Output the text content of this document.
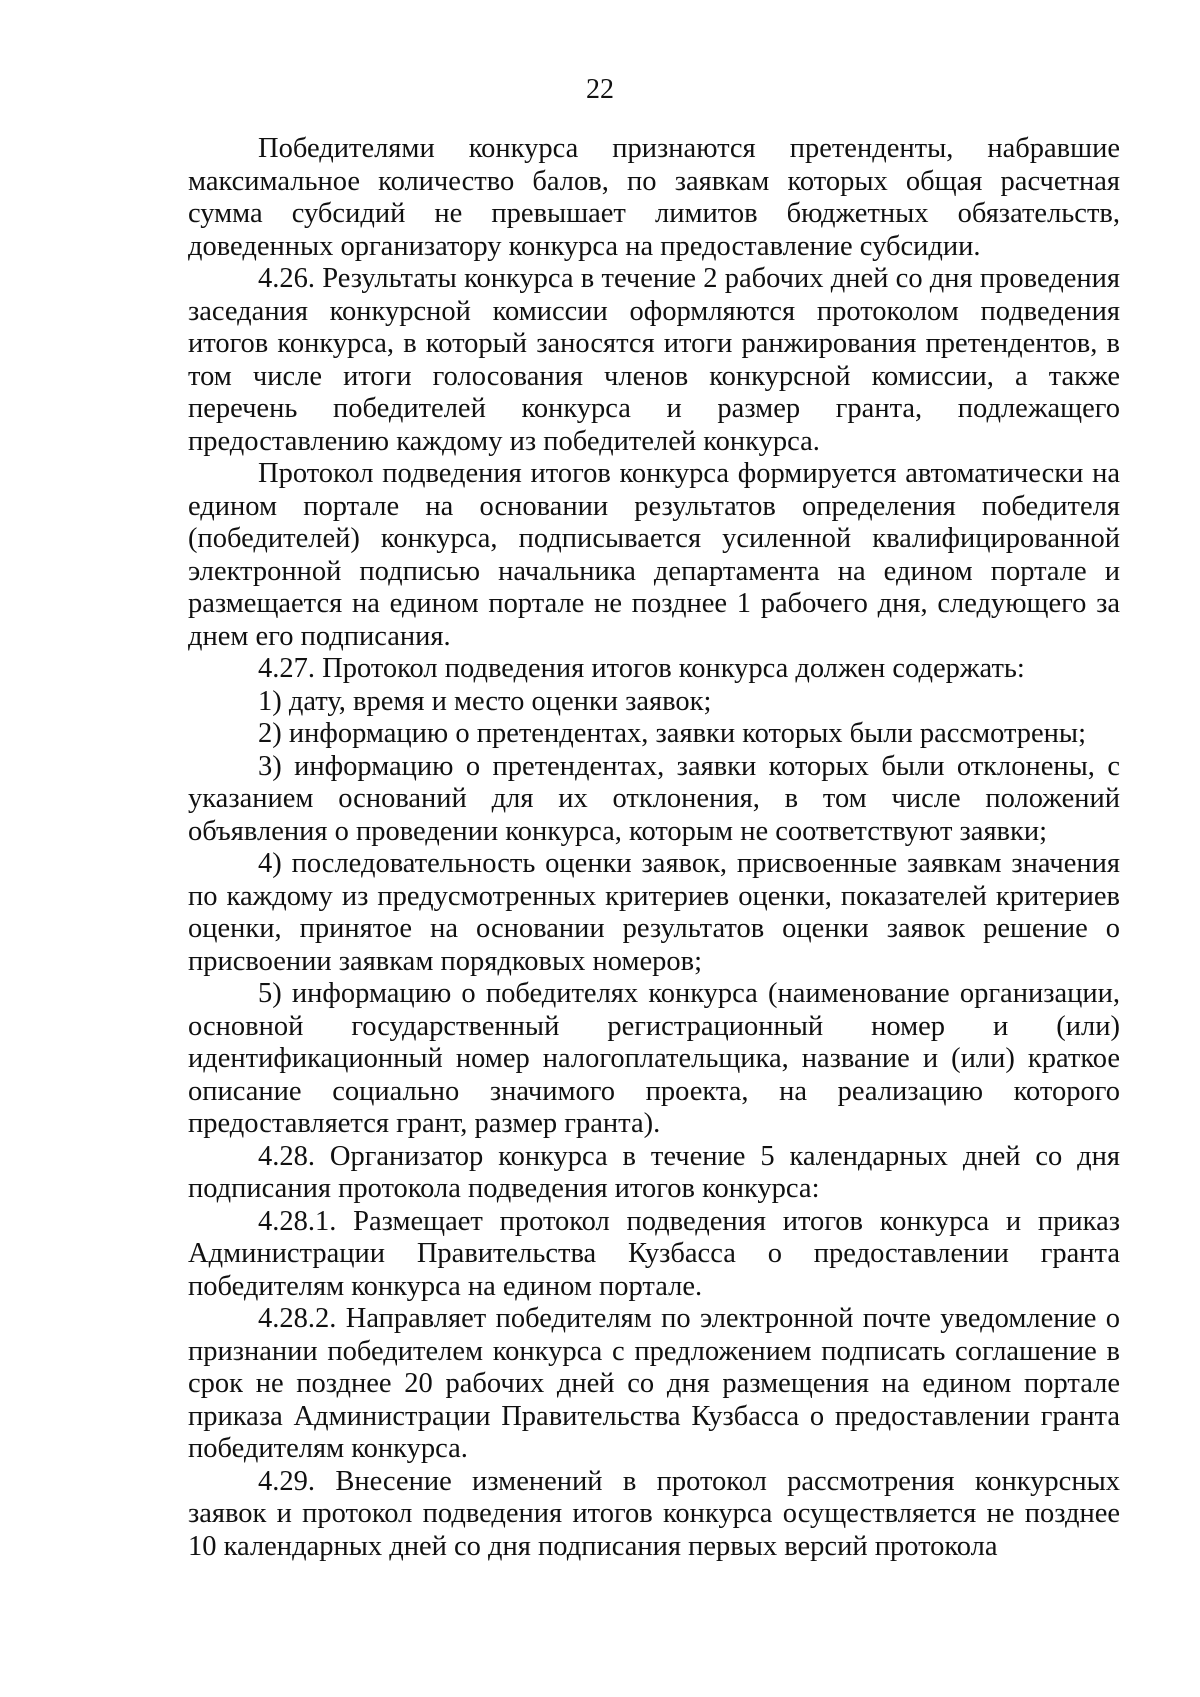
22

Победителями конкурса признаются претенденты, набравшие максимальное количество балов, по заявкам которых общая расчетная сумма субсидий не превышает лимитов бюджетных обязательств, доведенных организатору конкурса на предоставление субсидии.

4.26. Результаты конкурса в течение 2 рабочих дней со дня проведения заседания конкурсной комиссии оформляются протоколом подведения итогов конкурса, в который заносятся итоги ранжирования претендентов, в том числе итоги голосования членов конкурсной комиссии, а также перечень победителей конкурса и размер гранта, подлежащего предоставлению каждому из победителей конкурса.

Протокол подведения итогов конкурса формируется автоматически на едином портале на основании результатов определения победителя (победителей) конкурса, подписывается усиленной квалифицированной электронной подписью начальника департамента на едином портале и размещается на едином портале не позднее 1 рабочего дня, следующего за днем его подписания.

4.27. Протокол подведения итогов конкурса должен содержать:

1) дату, время и место оценки заявок;

2) информацию о претендентах, заявки которых были рассмотрены;

3) информацию о претендентах, заявки которых были отклонены, с указанием оснований для их отклонения, в том числе положений объявления о проведении конкурса, которым не соответствуют заявки;

4) последовательность оценки заявок, присвоенные заявкам значения по каждому из предусмотренных критериев оценки, показателей критериев оценки, принятое на основании результатов оценки заявок решение о присвоении заявкам порядковых номеров;

5) информацию о победителях конкурса (наименование организации, основной государственный регистрационный номер и (или) идентификационный номер налогоплательщика, название и (или) краткое описание социально значимого проекта, на реализацию которого предоставляется грант, размер гранта).

4.28. Организатор конкурса в течение 5 календарных дней со дня подписания протокола подведения итогов конкурса:

4.28.1. Размещает протокол подведения итогов конкурса и приказ Администрации Правительства Кузбасса о предоставлении гранта победителям конкурса на едином портале.

4.28.2. Направляет победителям по электронной почте уведомление о признании победителем конкурса с предложением подписать соглашение в срок не позднее 20 рабочих дней со дня размещения на едином портале приказа Администрации Правительства Кузбасса о предоставлении гранта победителям конкурса.

4.29. Внесение изменений в протокол рассмотрения конкурсных заявок и протокол подведения итогов конкурса осуществляется не позднее 10 календарных дней со дня подписания первых версий протокола
